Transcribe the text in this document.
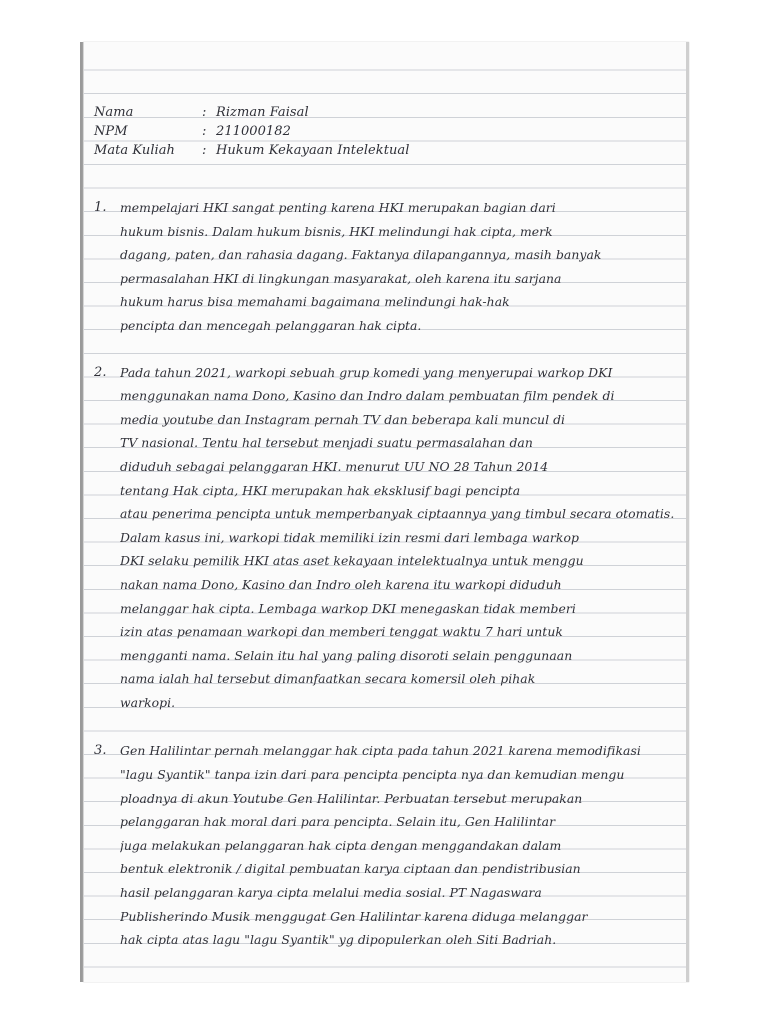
Nama	: Rizman Faisal
NPM	: 211000182
Mata Kuliah	: Hukum Kekayaan Intelektual
1.	mempelajari HKI sangat penting karena HKI merupakan bagian dari
hukum bisnis. Dalam hukum bisnis, HKI melindungi hak cipta, merk
dagang, paten, dan rahasia dagang. Faktanya dilapangannya, masih banyak
permasalahan HKI di lingkungan masyarakat, oleh karena itu sarjana
hukum harus bisa memahami bagaimana melindungi hak-hak
pencipta dan mencegah pelanggaran hak cipta.
2.	Pada tahun 2021, warkopi sebuah grup komedi yang menyerupai warkop DKI
menggunakan nama Dono, Kasino dan Indro dalam pembuatan film pendek di
media youtube dan Instagram pernah TV dan beberapa kali muncul di
TV nasional. Tentu hal tersebut menjadi suatu permasalahan dan
diduduh sebagai pelanggaran HKI. menurut UU NO 28 Tahun 2014
tentang Hak cipta, HKI merupakan hak eksklusif bagi pencipta
atau penerima pencipta untuk memperbanyak ciptaannya yang timbul secara otomatis.
Dalam kasus ini, warkopi tidak memiliki izin resmi dari lembaga warkop
DKI selaku pemilik HKI atas aset kekayaan intelektualnya untuk menggu
nakan nama Dono, Kasino dan Indro oleh karena itu warkopi diduduh
melanggar hak cipta. Lembaga warkop DKI menegaskan tidak memberi
izin atas penamaan warkopi dan memberi tenggat waktu 7 hari untuk
mengganti nama. Selain itu hal yang paling disoroti selain penggunaan
nama ialah hal tersebut dimanfaatkan secara komersil oleh pihak
warkopi.
3.	Gen Halilintar pernah melanggar hak cipta pada tahun 2021 karena memodifikasi
"lagu Syantik" tanpa izin dari para pencipta pencipta nya dan kemudian mengu
ploadnya di akun Youtube Gen Halilintar. Perbuatan tersebut merupakan
pelanggaran hak moral dari para pencipta. Selain itu, Gen Halilintar
juga melakukan pelanggaran hak cipta dengan menggandakan dalam
bentuk elektronik / digital pembuatan karya ciptaan dan pendistribusian
hasil pelanggaran karya cipta melalui media sosial. PT Nagaswara
Publisherindo Musik menggugat Gen Halilintar karena diduga melanggar
hak cipta atas lagu "lagu Syantik" yg dipopulerkan oleh Siti Badriah.
